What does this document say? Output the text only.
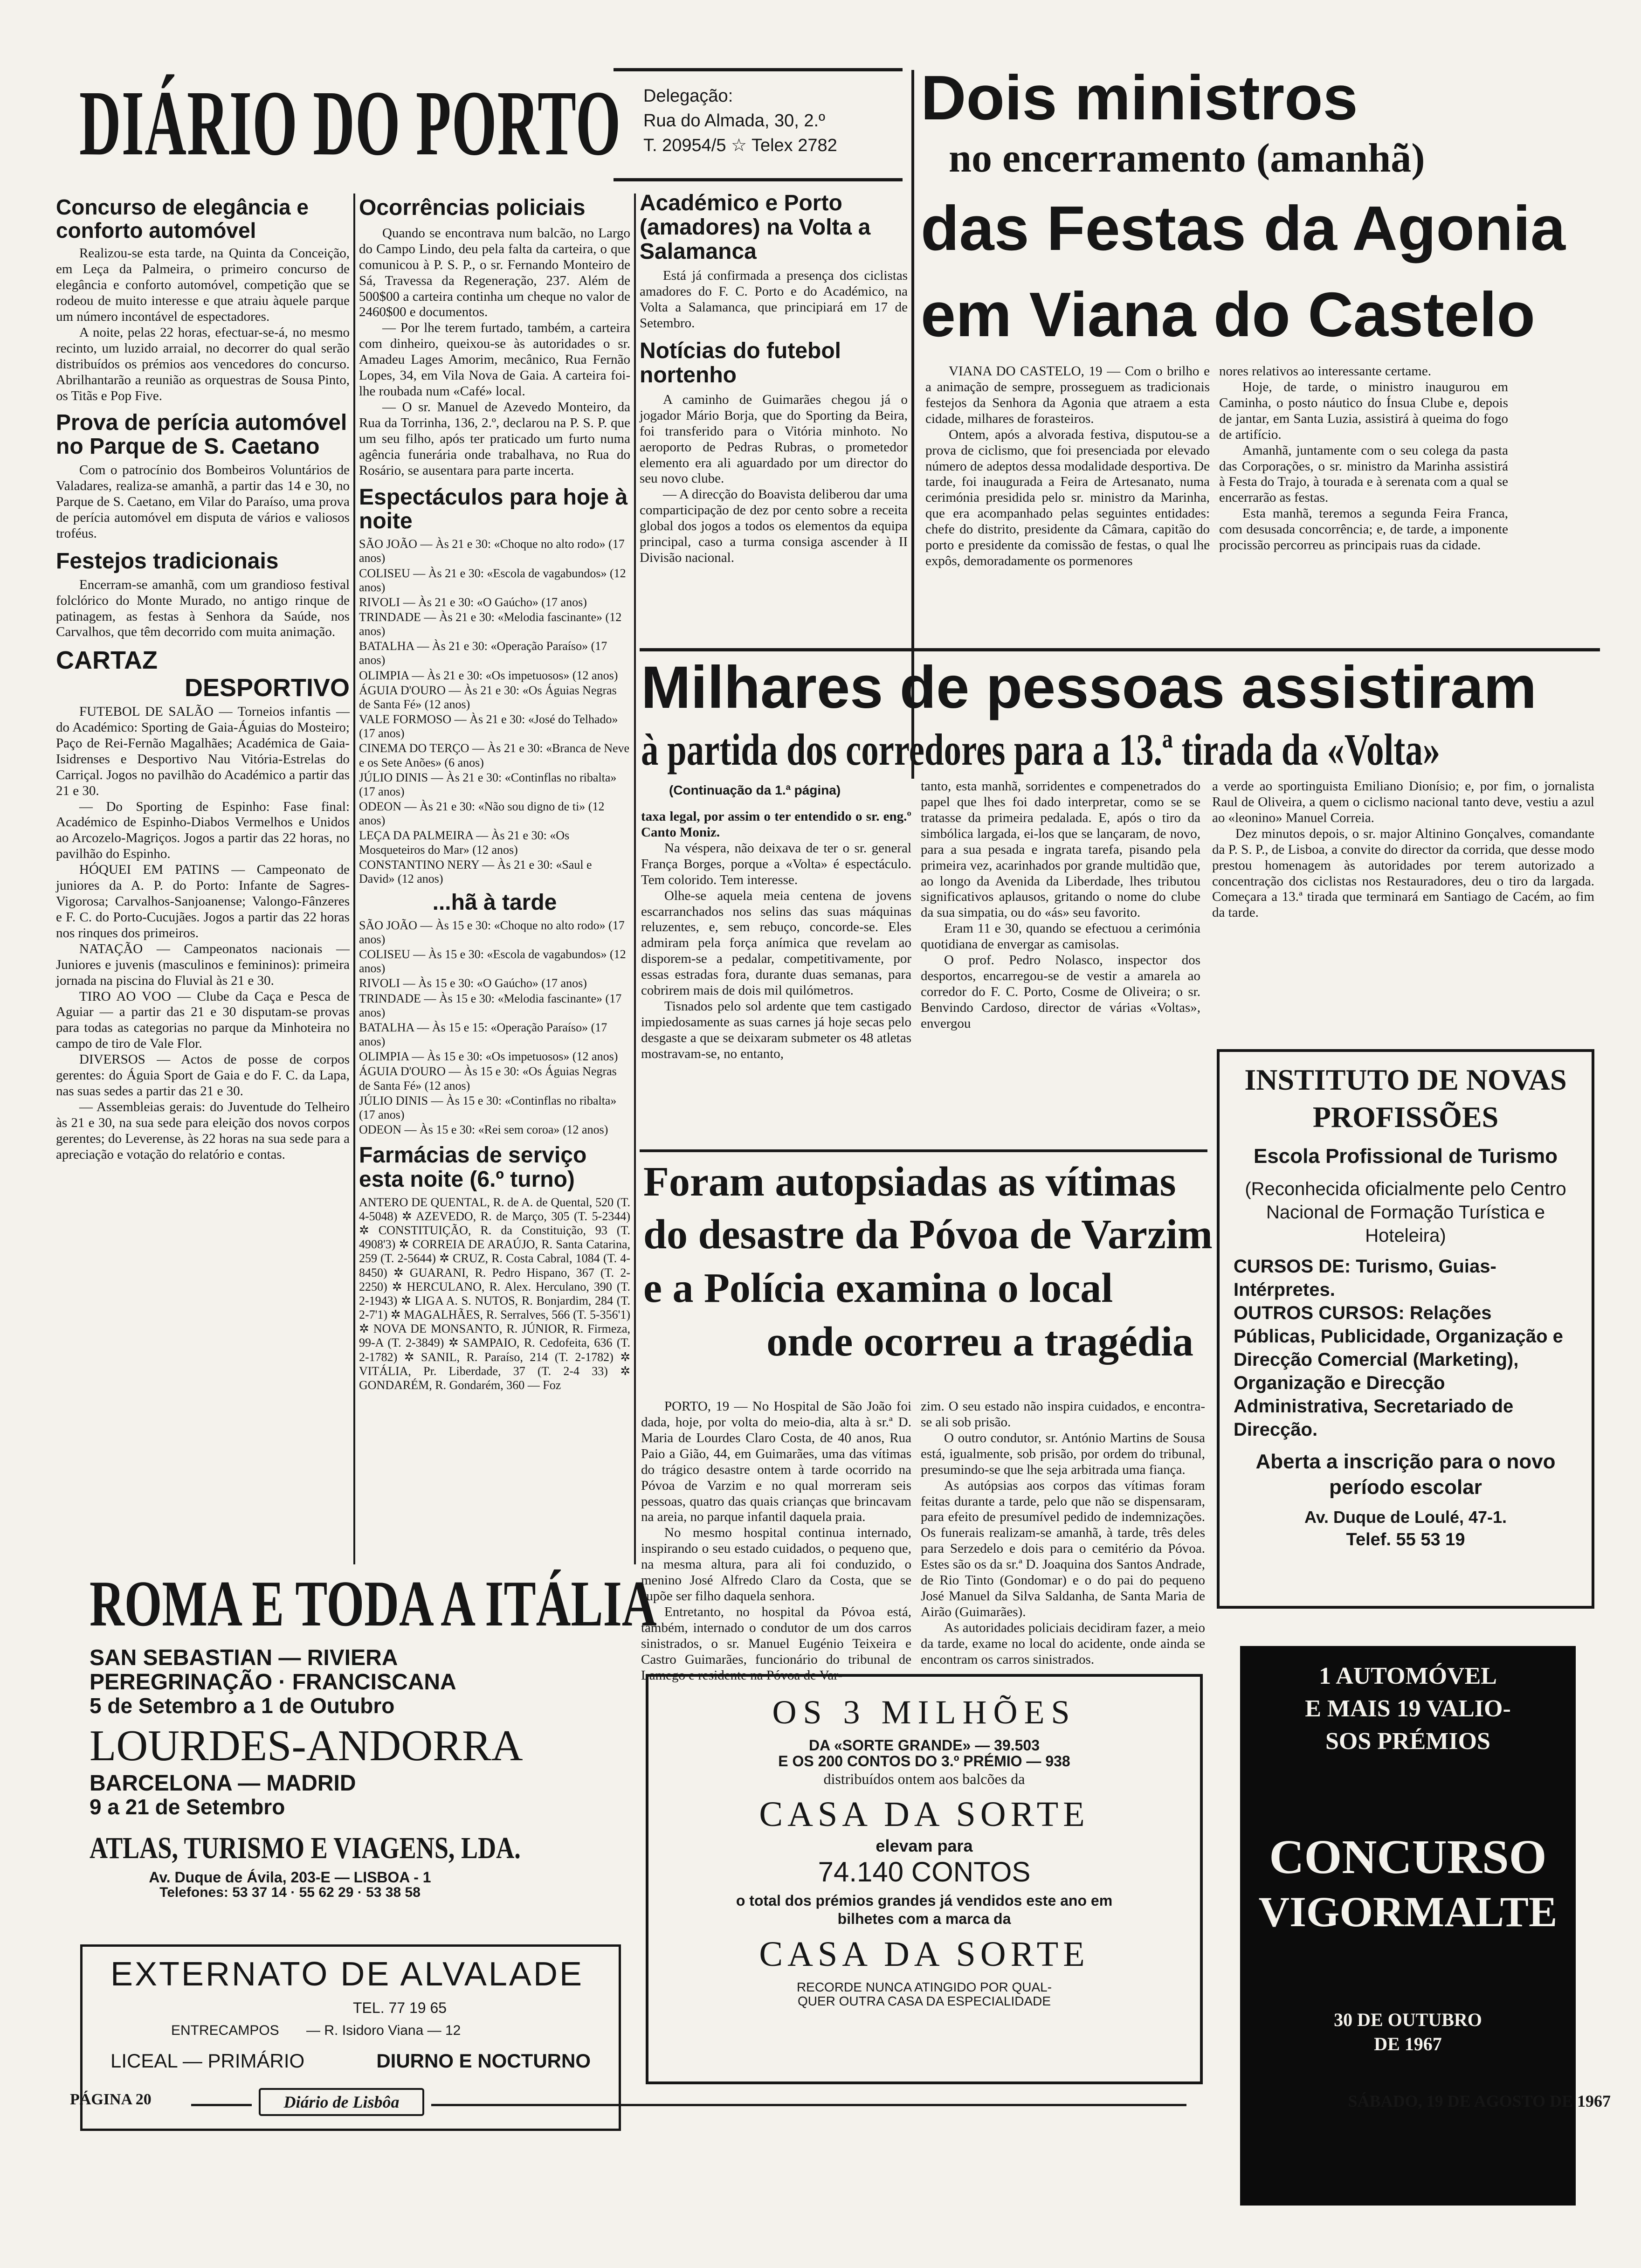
DIÁRIO DO PORTO Delegação:
Rua do Almada, 30, 2.º
T. 20954/5 ☆ Telex 2782
Dois ministros
no encerramento (amanhã)
das Festas da Agonia
em Viana do Castelo

VIANA DO CASTELO, 19 — Com o brilho e a animação de sempre, prosseguem as tradicionais festejos da Senhora da Agonia que atraem a esta cidade, milhares de forasteiros.

Ontem, após a alvorada festiva, disputou-se a prova de ciclismo, que foi presenciada por elevado número de adeptos dessa modalidade desportiva. De tarde, foi inaugurada a Feira de Artesanato, numa cerimónia presidida pelo sr. ministro da Marinha, que era acompanhado pelas seguintes entidades: chefe do distrito, presidente da Câmara, capitão do porto e presidente da comissão de festas, o qual lhe expôs, demoradamente os pormenores

nores relativos ao interessante certame.

Hoje, de tarde, o ministro inaugurou em Caminha, o posto náutico do Ínsua Clube e, depois de jantar, em Santa Luzia, assistirá à queima do fogo de artifício.

Amanhã, juntamente com o seu colega da pasta das Corporações, o sr. ministro da Marinha assistirá à Festa do Trajo, à tourada e à serenata com a qual se encerrarão as festas.

Esta manhã, teremos a segunda Feira Franca, com desusada concorrência; e, de tarde, a imponente procissão percorreu as principais ruas da cidade.

Concurso de elegância e conforto automóvel

Realizou-se esta tarde, na Quinta da Conceição, em Leça da Palmeira, o primeiro concurso de elegância e conforto automóvel, competição que se rodeou de muito interesse e que atraiu àquele parque um número incontável de espectadores.

A noite, pelas 22 horas, efectuar-se-á, no mesmo recinto, um luzido arraial, no decorrer do qual serão distribuídos os prémios aos vencedores do concurso. Abrilhantarão a reunião as orquestras de Sousa Pinto, os Titãs e Pop Five.

Prova de perícia automóvel no Parque de S. Caetano

Com o patrocínio dos Bombeiros Voluntários de Valadares, realiza-se amanhã, a partir das 14 e 30, no Parque de S. Caetano, em Vilar do Paraíso, uma prova de perícia automóvel em disputa de vários e valiosos troféus.

Festejos tradicionais

Encerram-se amanhã, com um grandioso festival folclórico do Monte Murado, no antigo rinque de patinagem, as festas à Senhora da Saúde, nos Carvalhos, que têm decorrido com muita animação.

CARTAZ
DESPORTIVO

FUTEBOL DE SALÃO — Torneios infantis — do Académico: Sporting de Gaia-Águias do Mosteiro; Paço de Rei-Fernão Magalhães; Académica de Gaia-Isidrenses e Desportivo Nau Vitória-Estrelas do Carriçal. Jogos no pavilhão do Académico a partir das 21 e 30.

— Do Sporting de Espinho: Fase final: Académico de Espinho-Diabos Vermelhos e Unidos ao Arcozelo-Magriços. Jogos a partir das 22 horas, no pavilhão do Espinho.

HÓQUEI EM PATINS — Campeonato de juniores da A. P. do Porto: Infante de Sagres-Vigorosa; Carvalhos-Sanjoanense; Valongo-Fânzeres e F. C. do Porto-Cucujães. Jogos a partir das 22 horas nos rinques dos primeiros.

NATAÇÃO — Campeonatos nacionais — Juniores e juvenis (masculinos e femininos): primeira jornada na piscina do Fluvial às 21 e 30.

TIRO AO VOO — Clube da Caça e Pesca de Aguiar — a partir das 21 e 30 disputam-se provas para todas as categorias no parque da Minhoteira no campo de tiro de Vale Flor.

DIVERSOS — Actos de posse de corpos gerentes: do Águia Sport de Gaia e do F. C. da Lapa, nas suas sedes a partir das 21 e 30.

— Assembleias gerais: do Juventude do Telheiro às 21 e 30, na sua sede para eleição dos novos corpos gerentes; do Leverense, às 22 horas na sua sede para a apreciação e votação do relatório e contas.

Ocorrências policiais

Quando se encontrava num balcão, no Largo do Campo Lindo, deu pela falta da carteira, o que comunicou à P. S. P., o sr. Fernando Monteiro de Sá, Travessa da Regeneração, 237. Além de 500$00 a carteira continha um cheque no valor de 2460$00 e documentos.

— Por lhe terem furtado, também, a carteira com dinheiro, queixou-se às autoridades o sr. Amadeu Lages Amorim, mecânico, Rua Fernão Lopes, 34, em Vila Nova de Gaia. A carteira foi-lhe roubada num «Café» local.

— O sr. Manuel de Azevedo Monteiro, da Rua da Torrinha, 136, 2.º, declarou na P. S. P. que um seu filho, após ter praticado um furto numa agência funerária onde trabalhava, no Rua do Rosário, se ausentara para parte incerta.

Espectáculos para hoje à noite
SÃO JOÃO — Às 21 e 30: «Choque no alto rodo» (17 anos)
COLISEU — Às 21 e 30: «Escola de vagabundos» (12 anos)
RIVOLI — Às 21 e 30: «O Gaúcho» (17 anos)
TRINDADE — Às 21 e 30: «Melodia fascinante» (12 anos)
BATALHA — Às 21 e 30: «Operação Paraíso» (17 anos)
OLIMPIA — Às 21 e 30: «Os impetuosos» (12 anos)
ÁGUIA D'OURO — Às 21 e 30: «Os Águias Negras de Santa Fé» (12 anos)
VALE FORMOSO — Às 21 e 30: «José do Telhado» (17 anos)
CINEMA DO TERÇO — Às 21 e 30: «Branca de Neve e os Sete Anões» (6 anos)
JÚLIO DINIS — Às 21 e 30: «Continflas no ribalta» (17 anos)
ODEON — Às 21 e 30: «Não sou digno de ti» (12 anos)
LEÇA DA PALMEIRA — Às 21 e 30: «Os Mosqueteiros do Mar» (12 anos)
CONSTANTINO NERY — Às 21 e 30: «Saul e David» (12 anos)
...hã à tarde
SÃO JOÃO — Às 15 e 30: «Choque no alto rodo» (17 anos)
COLISEU — Às 15 e 30: «Escola de vagabundos» (12 anos)
RIVOLI — Às 15 e 30: «O Gaúcho» (17 anos)
TRINDADE — Às 15 e 30: «Melodia fascinante» (17 anos)
BATALHA — Às 15 e 15: «Operação Paraíso» (17 anos)
OLIMPIA — Às 15 e 30: «Os impetuosos» (12 anos)
ÁGUIA D'OURO — Às 15 e 30: «Os Águias Negras de Santa Fé» (12 anos)
JÚLIO DINIS — Às 15 e 30: «Continflas no ribalta» (17 anos)
ODEON — Às 15 e 30: «Rei sem coroa» (12 anos)
Farmácias de serviço esta noite (6.º turno)
ANTERO DE QUENTAL, R. de A. de Quental, 520 (T. 4-5048) ✲ AZEVEDO, R. de Março, 305 (T. 5-2344) ✲ CONSTITUIÇÃO, R. da Constituição, 93 (T. 4908'3) ✲ CORREIA DE ARAÚJO, R. Santa Catarina, 259 (T. 2-5644) ✲ CRUZ, R. Costa Cabral, 1084 (T. 4-8450) ✲ GUARANI, R. Pedro Hispano, 367 (T. 2-2250) ✲ HERCULANO, R. Alex. Herculano, 390 (T. 2-1943) ✲ LIGA A. S. NUTOS, R. Bonjardim, 284 (T. 2-7'1) ✲ MAGALHÃES, R. Serralves, 566 (T. 5-356'1) ✲ NOVA DE MONSANTO, R. JÚNIOR, R. Firmeza, 99-A (T. 2-3849) ✲ SAMPAIO, R. Cedofeita, 636 (T. 2-1782) ✲ SANIL, R. Paraíso, 214 (T. 2-1782) ✲ VITÁLIA, Pr. Liberdade, 37 (T. 2-4 33) ✲ GONDARÉM, R. Gondarém, 360 — Foz
Académico e Porto (amadores) na Volta a Salamanca

Está já confirmada a presença dos ciclistas amadores do F. C. Porto e do Académico, na Volta a Salamanca, que principiará em 17 de Setembro.

Notícias do futebol nortenho

A caminho de Guimarães chegou já o jogador Mário Borja, que do Sporting da Beira, foi transferido para o Vitória minhoto. No aeroporto de Pedras Rubras, o prometedor elemento era ali aguardado por um director do seu novo clube.

— A direcção do Boavista deliberou dar uma comparticipação de dez por cento sobre a receita global dos jogos a todos os elementos da equipa principal, caso a turma consiga ascender à II Divisão nacional.

Milhares de pessoas assistiram
à partida dos corredores para a 13.ª tirada da «Volta»
(Continuação da 1.ª página)

taxa legal, por assim o ter entendido o sr. eng.º Canto Moniz.

Na véspera, não deixava de ter o sr. general França Borges, porque a «Volta» é espectáculo. Tem colorido. Tem interesse.

Olhe-se aquela meia centena de jovens escarranchados nos selins das suas máquinas reluzentes, e, sem rebuço, concorde-se. Eles admiram pela força anímica que revelam ao disporem-se a pedalar, competitivamente, por essas estradas fora, durante duas semanas, para cobrirem mais de dois mil quilómetros.

Tisnados pelo sol ardente que tem castigado impiedosamente as suas carnes já hoje secas pelo desgaste a que se deixaram submeter os 48 atletas mostravam-se, no entanto,

tanto, esta manhã, sorridentes e compenetrados do papel que lhes foi dado interpretar, como se se tratasse da primeira pedalada. E, após o tiro da simbólica largada, ei-los que se lançaram, de novo, para a sua pesada e ingrata tarefa, pisando pela primeira vez, acarinhados por grande multidão que, ao longo da Avenida da Liberdade, lhes tributou significativos aplausos, gritando o nome do clube da sua simpatia, ou do «ás» seu favorito.

Eram 11 e 30, quando se efectuou a cerimónia quotidiana de envergar as camisolas.

O prof. Pedro Nolasco, inspector dos desportos, encarregou-se de vestir a amarela ao corredor do F. C. Porto, Cosme de Oliveira; o sr. Benvindo Cardoso, director de várias «Voltas», envergou

a verde ao sportinguista Emiliano Dionísio; e, por fim, o jornalista Raul de Oliveira, a quem o ciclismo nacional tanto deve, vestiu a azul ao «leonino» Manuel Correia.

Dez minutos depois, o sr. major Altinino Gonçalves, comandante da P. S. P., de Lisboa, a convite do director da corrida, que desse modo prestou homenagem às autoridades por terem autorizado a concentração dos ciclistas nos Restauradores, deu o tiro da largada. Começara a 13.ª tirada que terminará em Santiago de Cacém, ao fim da tarde.

Foram autopsiadas as vítimas
do desastre da Póvoa de Varzim
e a Polícia examina o local
onde ocorreu a tragédia

PORTO, 19 — No Hospital de São João foi dada, hoje, por volta do meio-dia, alta à sr.ª D. Maria de Lourdes Claro Costa, de 40 anos, Rua Paio a Gião, 44, em Guimarães, uma das vítimas do trágico desastre ontem à tarde ocorrido na Póvoa de Varzim e no qual morreram seis pessoas, quatro das quais crianças que brincavam na areia, no parque infantil daquela praia.

No mesmo hospital continua internado, inspirando o seu estado cuidados, o pequeno que, na mesma altura, para ali foi conduzido, o menino José Alfredo Claro da Costa, que se supõe ser filho daquela senhora.

Entretanto, no hospital da Póvoa está, também, internado o condutor de um dos carros sinistrados, o sr. Manuel Eugénio Teixeira e Castro Guimarães, funcionário do tribunal de Lamego e residente na Póvoa de Var-

zim. O seu estado não inspira cuidados, e encontra-se ali sob prisão.

O outro condutor, sr. António Martins de Sousa está, igualmente, sob prisão, por ordem do tribunal, presumindo-se que lhe seja arbitrada uma fiança.

As autópsias aos corpos das vítimas foram feitas durante a tarde, pelo que não se dispensaram, para efeito de presumível pedido de indemnizações. Os funerais realizam-se amanhã, à tarde, três deles para Serzedelo e dois para o cemitério da Póvoa. Estes são os da sr.ª D. Joaquina dos Santos Andrade, de Rio Tinto (Gondomar) e o do pai do pequeno José Manuel da Silva Saldanha, de Santa Maria de Airão (Guimarães).

As autoridades policiais decidiram fazer, a meio da tarde, exame no local do acidente, onde ainda se encontram os carros sinistrados.

INSTITUTO DE NOVAS PROFISSÕES
Escola Profissional de Turismo
(Reconhecida oficialmente pelo Centro Nacional de Formação Turística e Hoteleira)
CURSOS DE: Turismo, Guias-Intérpretes.
OUTROS CURSOS: Relações Públicas, Publicidade, Organização e Direcção Comercial (Marketing), Organização e Direcção Administrativa, Secretariado de Direcção.
Aberta a inscrição para o novo período escolar
Av. Duque de Loulé, 47-1.
Telef. 55 53 19
1 AUTOMÓVEL
E MAIS 19 VALIO-
SOS PRÉMIOS
CONCURSO
VIGORMALTE
30 DE OUTUBRO
DE 1967
ROMA E TODA A ITÁLIA
SAN SEBASTIAN — RIVIERA
PEREGRINAÇÃO · FRANCISCANA
5 de Setembro a 1 de Outubro
LOURDES-ANDORRA
BARCELONA — MADRID
9 a 21 de Setembro
ATLAS, TURISMO E VIAGENS, LDA.
Av. Duque de Ávila, 203-E — LISBOA - 1
Telefones: 53 37 14 · 55 62 29 · 53 38 58
EXTERNATO DE ALVALADE
TEL. 77 19 65
ENTRECAMPOS — R. Isidoro Viana — 12
LICEAL — PRIMÁRIO	DIURNO E NOCTURNO
OS 3 MILHÕES
DA «SORTE GRANDE» — 39.503
E OS 200 CONTOS DO 3.º PRÉMIO — 938
distribuídos ontem aos balcões da
CASA DA SORTE
elevam para
74.140 CONTOS
o total dos prémios grandes já vendidos este ano em bilhetes com a marca da
CASA DA SORTE
RECORDE NUNCA ATINGIDO POR QUAL-
QUER OUTRA CASA DA ESPECIALIDADE
PÁGINA 20	Diário de Lisbôa	SÁBADO, 19 DE AGOSTO DE 1967
